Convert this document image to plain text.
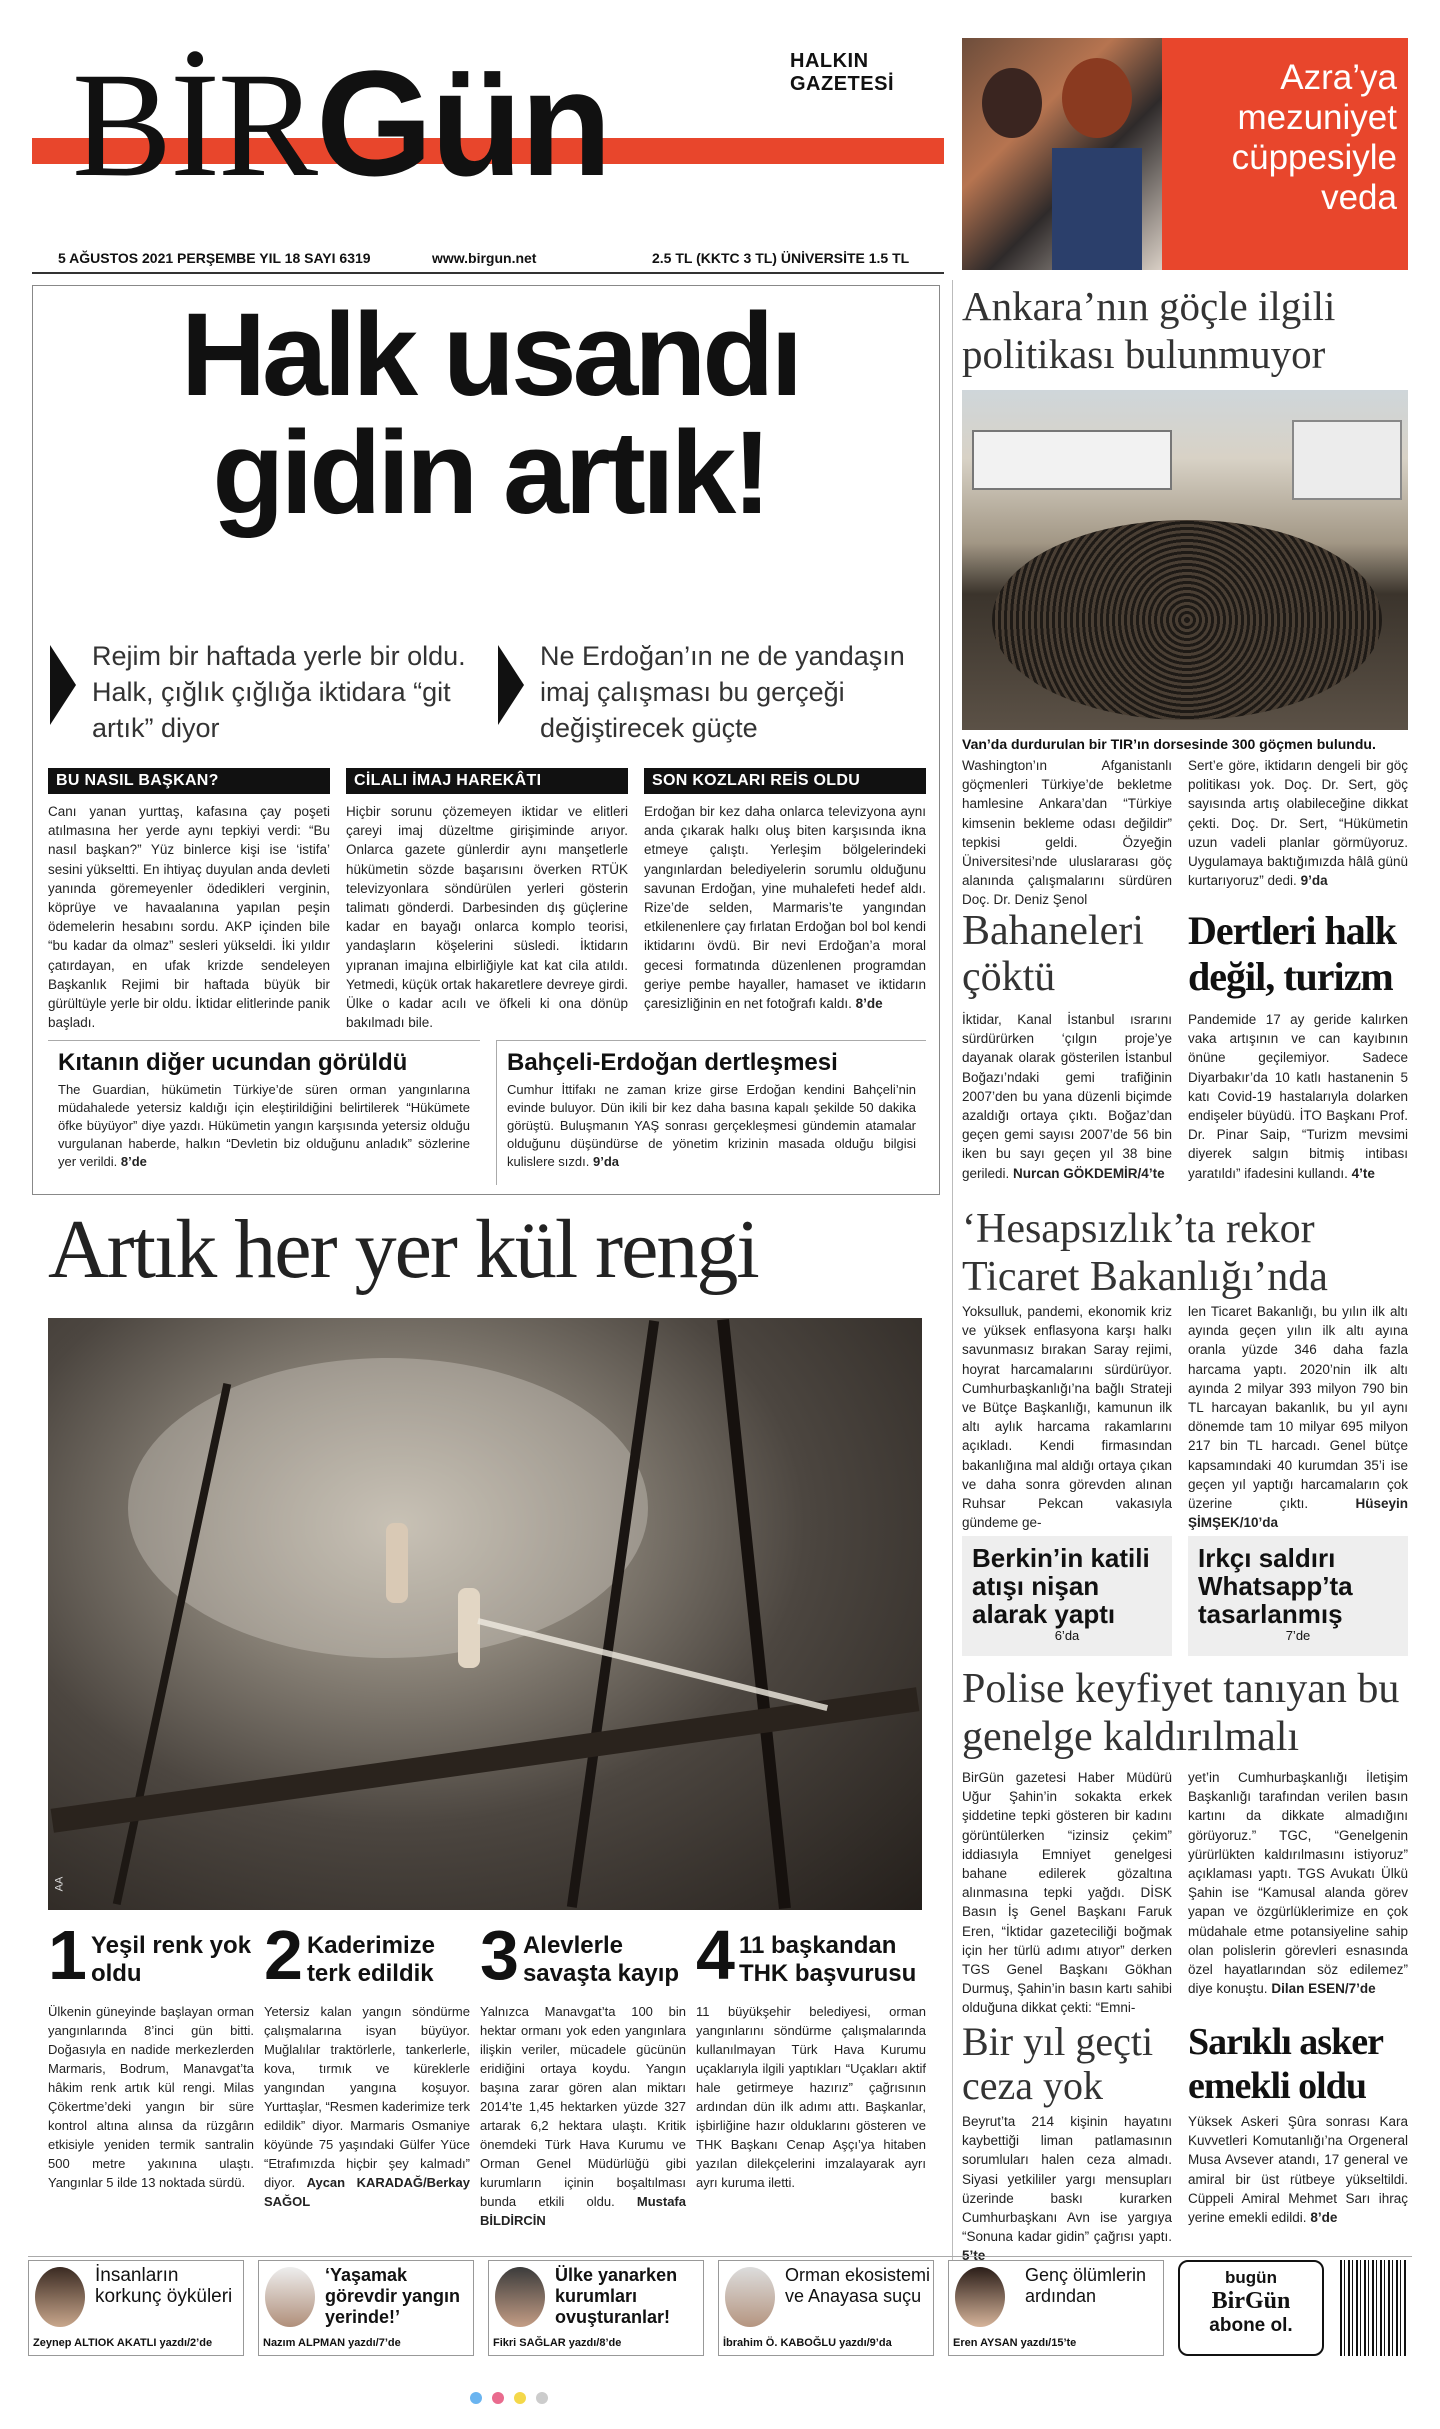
BİRGün	HALKIN GAZETESİ
5 AĞUSTOS 2021 PERŞEMBE YIL 18 SAYI 6319	www.birgun.net	2.5 TL (KKTC 3 TL) ÜNİVERSİTE 1.5 TL
Azra’ya mezuniyet cüppesiyle veda
Halk usandı gidin artık!
Rejim bir haftada yerle bir oldu. Halk, çığlık çığlığa iktidara “git artık” diyor
Ne Erdoğan’ın ne de yandaşın imaj çalışması bu gerçeği değiştirecek güçte
BU NASIL BAŞKAN?
Canı yanan yurttaş, kafasına çay poşeti atılmasına her yerde aynı tepkiyi verdi: “Bu nasıl başkan?” Yüz binlerce kişi ise ‘istifa’ sesini yükseltti. En ihtiyaç duyulan anda devleti yanında göremeyenler ödedikleri verginin, köprüye ve havaalanına yapılan peşin ödemelerin hesabını sordu. AKP içinden bile “bu kadar da olmaz” sesleri yükseldi. İki yıldır çatırdayan, en ufak krizde sendeleyen Başkanlık Rejimi bir haftada büyük bir gürültüyle yerle bir oldu. İktidar elitlerinde panik başladı.
CİLALI İMAJ HAREKÂTI
Hiçbir sorunu çözemeyen iktidar ve elitleri çareyi imaj düzeltme girişiminde arıyor. Onlarca gazete günlerdir aynı manşetlerle hükümetin sözde başarısını överken RTÜK televizyonlara söndürülen yerleri gösterin talimatı gönderdi. Darbesinden dış güçlerine kadar en bayağı onlarca komplo teorisi, yandaşların köşelerini süsledi. İktidarın yıpranan imajına elbirliğiyle kat kat cila atıldı. Yetmedi, küçük ortak hakaretlere devreye girdi. Ülke o kadar acılı ve öfkeli ki ona dönüp bakılmadı bile.
SON KOZLARI REİS OLDU
Erdoğan bir kez daha onlarca televizyona aynı anda çıkarak halkı oluş biten karşısında ikna etmeye çalıştı. Yerleşim bölgelerindeki yangınlardan belediyelerin sorumlu olduğunu savunan Erdoğan, yine muhalefeti hedef aldı. Rize’de selden, Marmaris’te yangından etkilenenlere çay fırlatan Erdoğan bol bol kendi iktidarını övdü. Bir nevi Erdoğan’a moral gecesi formatında düzenlenen programdan geriye pembe hayaller, hamaset ve iktidarın çaresizliğinin en net fotoğrafı kaldı. 8’de
Kıtanın diğer ucundan görüldü
The Guardian, hükümetin Türkiye’de süren orman yangınlarına müdahalede yetersiz kaldığı için eleştirildiğini belirtilerek “Hükümete öfke büyüyor” diye yazdı. Hükümetin yangın karşısında yetersiz olduğu vurgulanan haberde, halkın “Devletin biz olduğunu anladık” sözlerine yer verildi. 8’de
Bahçeli-Erdoğan dertleşmesi
Cumhur İttifakı ne zaman krize girse Erdoğan kendini Bahçeli’nin evinde buluyor. Dün ikili bir kez daha basına kapalı şekilde 50 dakika görüştü. Buluşmanın YAŞ sonrası gerçekleşmesi gündemin atamalar olduğunu düşündürse de yönetim krizinin masada olduğu bilgisi kulislere sızdı. 9’da
Artık her yer kül rengi
AA
1 Yeşil renk yok oldu
Ülkenin güneyinde başlayan orman yangınlarında 8’inci gün bitti. Doğasıyla en nadide merkezlerden Marmaris, Bodrum, Manavgat’ta hâkim renk artık kül rengi. Milas Çökertme’deki yangın bir süre kontrol altına alınsa da rüzgârın etkisiyle yeniden termik santralin 500 metre yakınına ulaştı. Yangınlar 5 ilde 13 noktada sürdü.
2 Kaderimize terk edildik
Yetersiz kalan yangın söndürme çalışmalarına isyan büyüyor. Muğlalılar traktörlerle, tankerlerle, kova, tırmık ve küreklerle yangından yangına koşuyor. Yurttaşlar, “Resmen kaderimize terk edildik” diyor. Marmaris Osmaniye köyünde 75 yaşındaki Gülfer Yüce “Etrafımızda hiçbir şey kalmadı” diyor. Aycan KARADAĞ/Berkay SAĞOL
3 Alevlerle savaşta kayıp
Yalnızca Manavgat’ta 100 bin hektar ormanı yok eden yangınlara ilişkin veriler, mücadele gücünün eridiğini ortaya koydu. Yangın başına zarar gören alan miktarı 2014’te 1,45 hektarken yüzde 327 artarak 6,2 hektara ulaştı. Kritik önemdeki Türk Hava Kurumu ve Orman Genel Müdürlüğü gibi kurumların içinin boşaltılması bunda etkili oldu. Mustafa BİLDİRCİN
4 11 başkandan THK başvurusu
11 büyükşehir belediyesi, orman yangınlarını söndürme çalışmalarında kullanılmayan Türk Hava Kurumu uçaklarıyla ilgili yaptıkları “Uçakları aktif hale getirmeye hazırız” çağrısının ardından dün ilk adımı attı. Başkanlar, işbirliğine hazır olduklarını gösteren ve THK Başkanı Cenap Aşçı’ya hitaben yazılan dilekçelerini imzalayarak ayrı ayrı kuruma iletti.
Ankara’nın göçle ilgili politikası bulunmuyor
Van’da durdurulan bir TIR’ın dorsesinde 300 göçmen bulundu.
Washington’ın Afganistanlı göçmenleri Türkiye’de bekletme hamlesine Ankara’dan “Türkiye kimsenin bekleme odası değildir” tepkisi geldi. Özyeğin Üniversitesi’nde uluslararası göç alanında çalışmalarını sürdüren Doç. Dr. Deniz Şenol
Sert’e göre, iktidarın dengeli bir göç politikası yok. Doç. Dr. Sert, göç sayısında artış olabileceğine dikkat çekti. Doç. Dr. Sert, “Hükümetin uzun vadeli planlar görmüyoruz. Uygulamaya baktığımızda hâlâ günü kurtarıyoruz” dedi. 9’da
Bahaneleri çöktü
İktidar, Kanal İstanbul ısrarını sürdürürken ‘çılgın proje’ye dayanak olarak gösterilen İstanbul Boğazı’ndaki gemi trafiğinin 2007’den bu yana düzenli biçimde azaldığı ortaya çıktı. Boğaz’dan geçen gemi sayısı 2007’de 56 bin iken bu sayı geçen yıl 38 bine geriledi. Nurcan GÖKDEMİR/4’te
Dertleri halk değil, turizm
Pandemide 17 ay geride kalırken vaka artışının ve can kayıbının önüne geçilemiyor. Sadece Diyarbakır’da 10 katlı hastanenin 5 katı Covid-19 hastalarıyla dolarken endişeler büyüdü. İTO Başkanı Prof. Dr. Pinar Saip, “Turizm mevsimi diyerek salgın bitmiş intibası yaratıldı” ifadesini kullandı. 4’te
‘Hesapsızlık’ta rekor Ticaret Bakanlığı’nda
Yoksulluk, pandemi, ekonomik kriz ve yüksek enflasyona karşı halkı savunmasız bırakan Saray rejimi, hoyrat harcamalarını sürdürüyor. Cumhurbaşkanlığı’na bağlı Strateji ve Bütçe Başkanlığı, kamunun ilk altı aylık harcama rakamlarını açıkladı. Kendi firmasından bakanlığına mal aldığı ortaya çıkan ve daha sonra görevden alınan Ruhsar Pekcan vakasıyla gündeme ge-
len Ticaret Bakanlığı, bu yılın ilk altı ayında geçen yılın ilk altı ayına oranla yüzde 346 daha fazla harcama yaptı. 2020’nin ilk altı ayında 2 milyar 393 milyon 790 bin TL harcayan bakanlık, bu yıl aynı dönemde tam 10 milyar 695 milyon 217 bin TL harcadı. Genel bütçe kapsamındaki 40 kurumdan 35’i ise geçen yıl yaptığı harcamaların çok üzerine çıktı.	Hüseyin ŞİMŞEK/10’da
Berkin’in katili atışı nişan alarak yaptı
6’da
Irkçı saldırı Whatsapp’ta tasarlanmış
7’de
Polise keyfiyet tanıyan bu genelge kaldırılmalı
BirGün gazetesi Haber Müdürü Uğur Şahin’in sokakta erkek şiddetine tepki gösteren bir kadını görüntülerken “izinsiz çekim” iddiasıyla Emniyet genelgesi bahane edilerek gözaltına alınmasına tepki yağdı. DİSK Basın İş Genel Başkanı Faruk Eren, “İktidar gazeteciliği boğmak için her türlü adımı atıyor” derken TGS Genel Başkanı Gökhan Durmuş, Şahin’in basın kartı sahibi olduğuna dikkat çekti: “Emni-
yet’in Cumhurbaşkanlığı İletişim Başkanlığı tarafından verilen basın kartını da dikkate almadığını görüyoruz.” TGC, “Genelgenin yürürlükten kaldırılmasını istiyoruz” açıklaması yaptı. TGS Avukatı Ülkü Şahin ise “Kamusal alanda görev yapan ve özgürlüklerimize en çok müdahale etme potansiyeline sahip olan polislerin görevleri esnasında özel hayatlarından söz edilemez” diye konuştu. Dilan ESEN/7’de
Bir yıl geçti ceza yok
Beyrut’ta 214 kişinin hayatını kaybettiği liman patlamasının sorumluları halen ceza almadı. Siyasi yetkililer yargı mensupları üzerinde baskı kurarken Cumhurbaşkanı Avn ise yargıya “Sonuna kadar gidin” çağrısı yaptı. 5’te
Sarıklı asker emekli oldu
Yüksek Askeri Şûra sonrası Kara Kuvvetleri Komutanlığı’na Orgeneral Musa Avsever atandı, 17 general ve amiral bir üst rütbeye yükseltildi. Cüppeli Amiral Mehmet Sarı ihraç yerine emekli edildi. 8’de
İnsanların korkunç öyküleri
Zeynep ALTIOK AKATLI yazdı/2’de
‘Yaşamak görevdir yangın yerinde!’
Nazım ALPMAN yazdı/7’de
Ülke yanarken kurumları ovuşturanlar!
Fikri SAĞLAR yazdı/8’de
Orman ekosistemi ve Anayasa suçu
İbrahim Ö. KABOĞLU yazdı/9’da
Genç ölümlerin ardından
Eren AYSAN yazdı/15’te
bugün
BirGün
abone ol.
